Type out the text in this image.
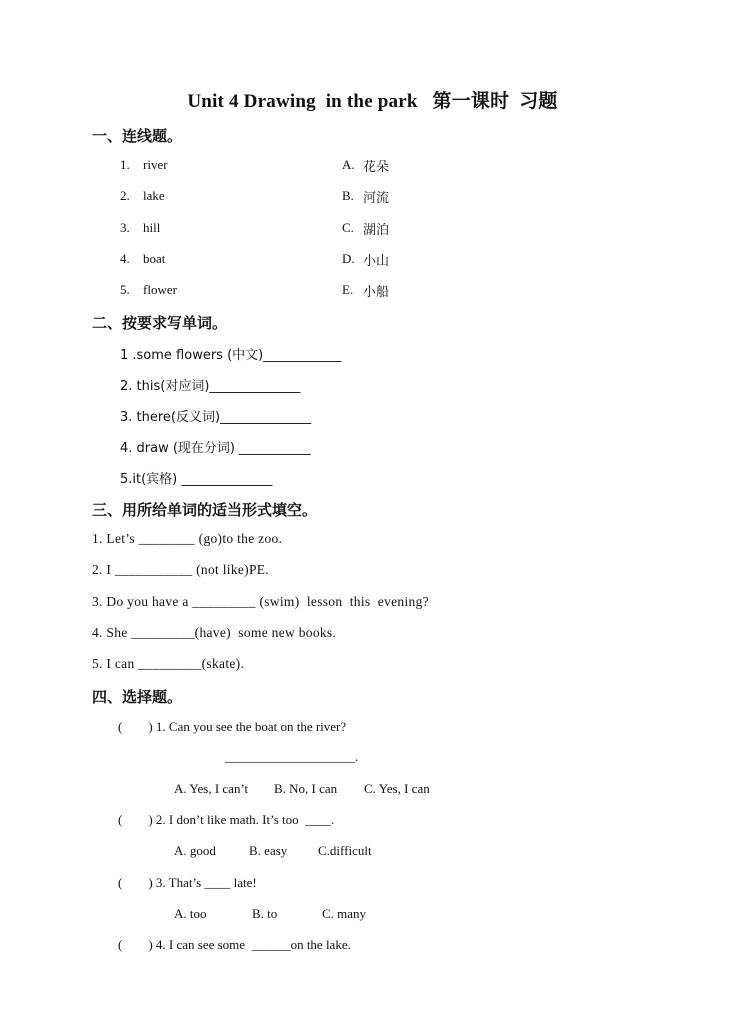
Unit 4 Drawing  in the park   第一课时  习题
一、连线题。
1. river	A. 花朵
2. lake	B. 河流
3. hill	C. 湖泊
4. boat	D. 小山
5. flower	E. 小船
二、按要求写单词。
1 .some flowers (中文)____________
2. this(对应词)______________
3. there(反义词)______________
4. draw (现在分词) ___________
5.it(宾格) ______________
三、用所给单词的适当形式填空。
1. Let’s ________ (go)to the zoo.
2. I ___________ (not like)PE.
3. Do you have a _________ (swim)  lesson  this  evening?
4. She _________(have)  some new books.
5. I can _________(skate).
四、选择题。
(        ) 1. Can you see the boat on the river?
____________________.
A. Yes, I can’t B. No, I can C. Yes, I can
(        ) 2. I don’t like math. It’s too  ____.
A. good	B. easy C.difficult
(        ) 3. That’s ____ late!
A. too	B. to	C. many
(        ) 4. I can see some  ______on the lake.
